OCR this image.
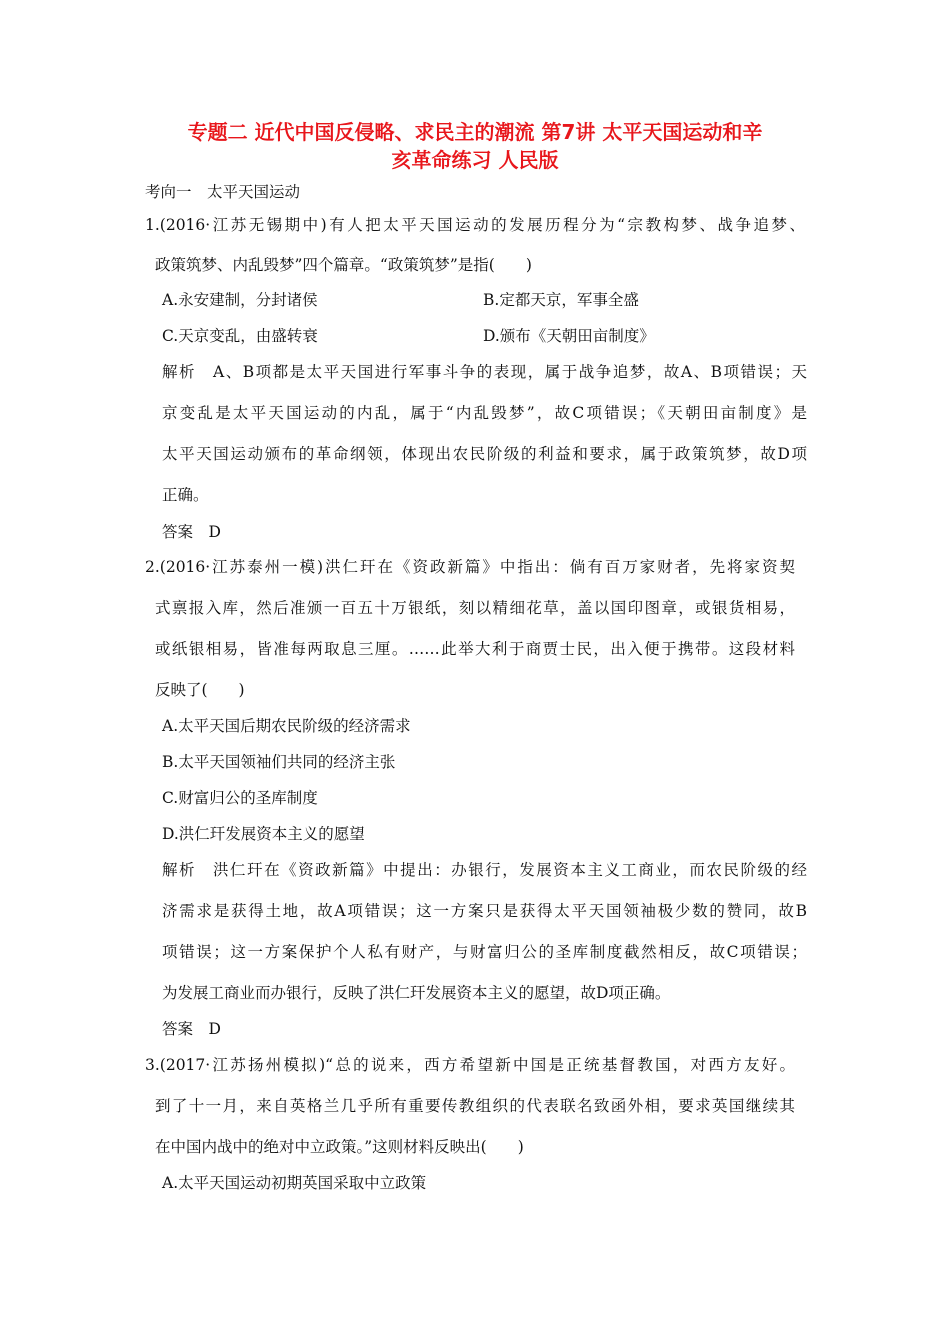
专题二 近代中国反侵略、求民主的潮流 第7讲 太平天国运动和辛
亥革命练习 人民版
考向一　太平天国运动
1.(2016·江苏无锡期中)有人把太平天国运动的发展历程分为“宗教构梦、战争追梦、
政策筑梦、内乱毁梦”四个篇章。“政策筑梦”是指(　　)
A.永安建制，分封诸侯	B.定都天京，军事全盛
C.天京变乱，由盛转衰	D.颁布《天朝田亩制度》
解析　A、B项都是太平天国进行军事斗争的表现，属于战争追梦，故A、B项错误；天
京变乱是太平天国运动的内乱，属于“内乱毁梦”，故C项错误；《天朝田亩制度》是
太平天国运动颁布的革命纲领，体现出农民阶级的利益和要求，属于政策筑梦，故D项
正确。
答案　D
2.(2016·江苏泰州一模)洪仁玕在《资政新篇》中指出：倘有百万家财者，先将家资契
式禀报入库，然后准颁一百五十万银纸，刻以精细花草，盖以国印图章，或银货相易，
或纸银相易，皆准每两取息三厘。……此举大利于商贾士民，出入便于携带。这段材料
反映了(　　)
A.太平天国后期农民阶级的经济需求
B.太平天国领袖们共同的经济主张
C.财富归公的圣库制度
D.洪仁玕发展资本主义的愿望
解析　洪仁玕在《资政新篇》中提出：办银行，发展资本主义工商业，而农民阶级的经
济需求是获得土地，故A项错误；这一方案只是获得太平天国领袖极少数的赞同，故B
项错误；这一方案保护个人私有财产，与财富归公的圣库制度截然相反，故C项错误；
为发展工商业而办银行，反映了洪仁玕发展资本主义的愿望，故D项正确。
答案　D
3.(2017·江苏扬州模拟)“总的说来，西方希望新中国是正统基督教国，对西方友好。
到了十一月，来自英格兰几乎所有重要传教组织的代表联名致函外相，要求英国继续其
在中国内战中的绝对中立政策。”这则材料反映出(　　)
A.太平天国运动初期英国采取中立政策
